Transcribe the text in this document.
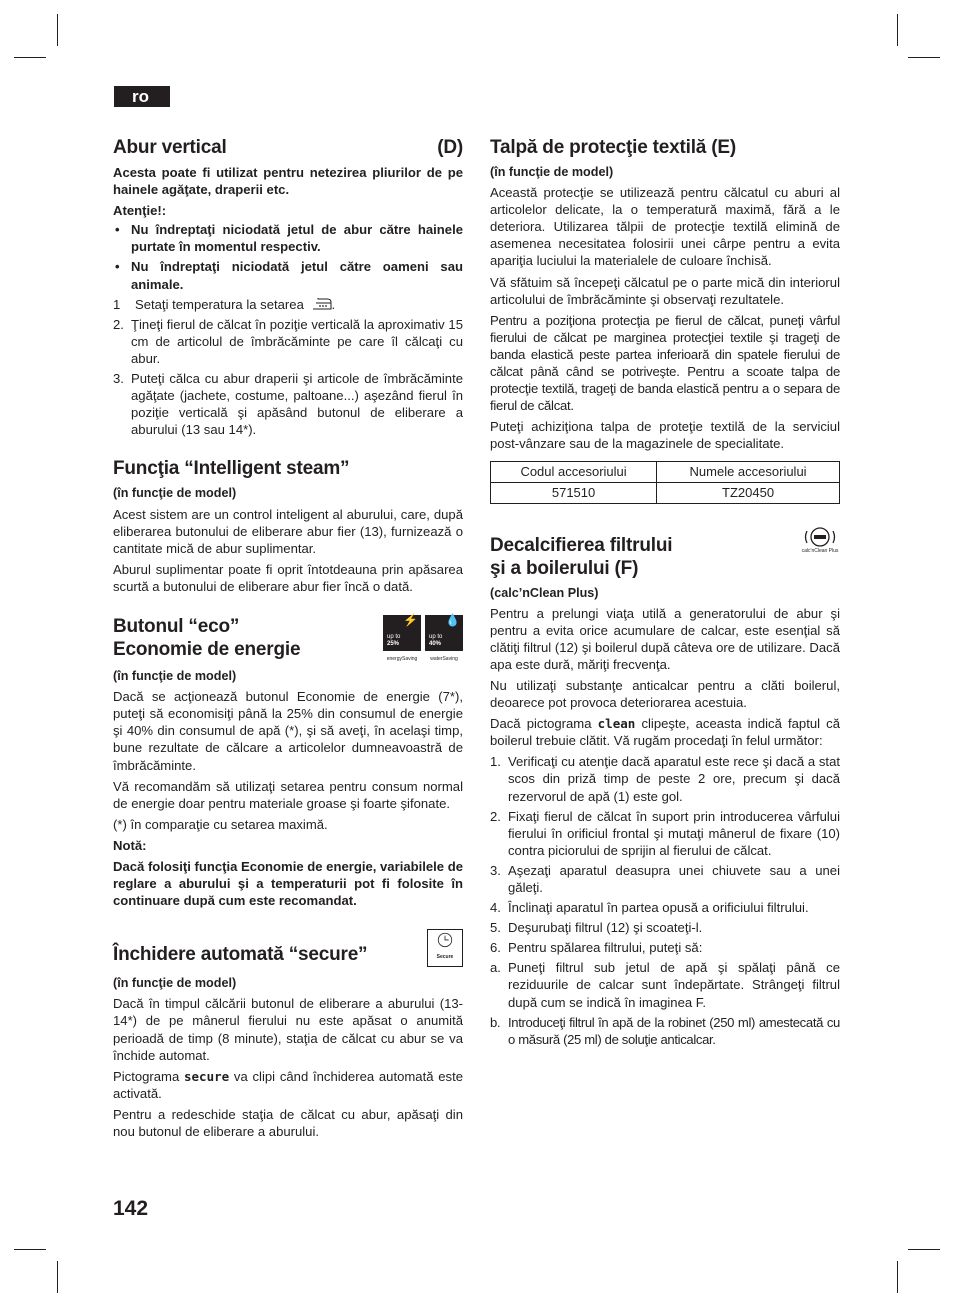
ro
Abur vertical	(D)

Acesta poate fi utilizat pentru netezirea pliurilor de pe hainele agăţate, draperii etc.

Atenţie!:

• Nu îndreptaţi niciodată jetul de abur către hainele purtate în momentul respectiv.
• Nu îndreptaţi niciodată jetul către oameni sau animale.
1 Setaţi temperatura la setarea .
2. Ţineţi fierul de călcat în poziţie verticală la aproximativ 15 cm de articolul de îmbrăcăminte pe care îl călcaţi cu abur.
3. Puteţi călca cu abur draperii şi articole de îmbrăcăminte agăţate (jachete, costume, paltoane...) aşezând fierul în poziţie verticală şi apăsând butonul de eliberare a aburului (13 sau 14*).
Funcţia “Intelligent steam”

(în funcţie de model)

Acest sistem are un control inteligent al aburului, care, după eliberarea butonului de eliberare abur fier (13), furnizează o cantitate mică de abur suplimentar.

Aburul suplimentar poate fi oprit întotdeauna prin apăsarea scurtă a butonului de eliberare abur fier încă o dată.

Butonul “eco”
Economie de energie
⚡
up to
25%
energySaving
💧
up to
40%
waterSaving

(în funcţie de model)

Dacă se acţionează butonul Economie de energie (7*), puteţi să economisiţi până la 25% din consumul de energie şi 40% din consumul de apă (*), şi să aveţi, în acelaşi timp, bune rezultate de călcare a articolelor dumneavoastră de îmbrăcăminte.

Vă recomandăm să utilizaţi setarea pentru consum normal de energie doar pentru materiale groase şi foarte şifonate.

(*) în comparaţie cu setarea maximă.

Notă:

Dacă folosiţi funcţia Economie de energie, variabilele de reglare a aburului şi a temperaturii pot fi folosite în continuare după cum este recomandat.

Închidere automată “secure”	Secure

(în funcţie de model)

Dacă în timpul călcării butonul de eliberare a aburului (13-14*) de pe mânerul fierului nu este apăsat o anumită perioadă de timp (8 minute), staţia de călcat cu abur se va închide automat.

Pictograma secure va clipi când închiderea automată este activată.

Pentru a redeschide staţia de călcat cu abur, apăsaţi din nou butonul de eliberare a aburului.

Talpă de protecţie textilă (E)

(în funcţie de model)

Această protecţie se utilizează pentru călcatul cu aburi al articolelor delicate, la o temperatură maximă, fără a le deteriora. Utilizarea tălpii de protecţie textilă elimină de asemenea necesitatea folosirii unei cârpe pentru a evita apariţia luciului la materialele de culoare închisă.

Vă sfătuim să începeţi călcatul pe o parte mică din interiorul articolului de îmbrăcăminte şi observaţi rezultatele.

Pentru a poziţiona protecţia pe fierul de călcat, puneţi vârful fierului de călcat pe marginea protecţiei textile şi trageţi de banda elastică peste partea inferioară din spatele fierului de călcat până când se potriveşte. Pentru a scoate talpa de protecţie textilă, trageţi de banda elastică pentru a o separa de fierul de călcat.

Puteţi achiziţiona talpa de proteţie textilă de la serviciul post-vânzare sau de la magazinele de specialitate.

Codul accesoriului	Numele accesoriului
571510	TZ20450
Decalcifierea filtrului
şi a boilerului (F)
calc'nClean Plus

(calc’nClean Plus)

Pentru a prelungi viaţa utilă a generatorului de abur şi pentru a evita orice acumulare de calcar, este esenţial să clătiţi filtrul (12) şi boilerul după câteva ore de utilizare. Dacă apa este dură, măriţi frecvenţa.

Nu utilizaţi substanţe anticalcar pentru a clăti boilerul, deoarece pot provoca deteriorarea acestuia.

Dacă pictograma clean clipeşte, aceasta indică faptul că boilerul trebuie clătit. Vă rugăm procedaţi în felul următor:

1. Verificaţi cu atenţie dacă aparatul este rece şi dacă a stat scos din priză timp de peste 2 ore, precum şi dacă rezervorul de apă (1) este gol.
2. Fixaţi fierul de călcat în suport prin introducerea vârfului fierului în orificiul frontal şi mutaţi mânerul de fixare (10) contra piciorului de sprijin al fierului de călcat.
3. Aşezaţi aparatul deasupra unei chiuvete sau a unei găleţi.
4. Înclinaţi aparatul în partea opusă a orificiului filtrului.
5. Deşurubaţi filtrul (12) şi scoateţi-l.
6. Pentru spălarea filtrului, puteţi să:
a. Puneţi filtrul sub jetul de apă şi spălaţi până ce reziduurile de calcar sunt îndepărtate. Strângeţi filtrul după cum se indică în imaginea F.
b. Introduceţi filtrul în apă de la robinet (250 ml) amestecată cu o măsură (25 ml) de soluţie anticalcar.
142
